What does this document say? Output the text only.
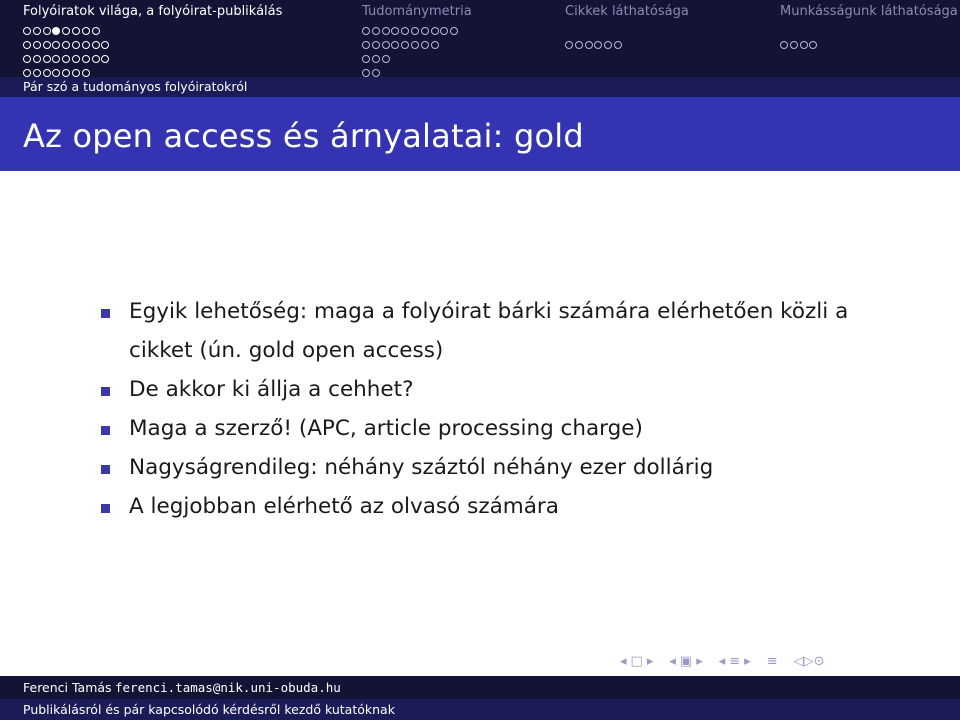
Folyóiratok világa, a folyóirat-publikálás	Tudománymetria	Cikkek láthatósága	Munkásságunk láthatósága
Pár szó a tudományos folyóiratokról
Az open access és árnyalatai: gold
Egyik lehetőség: maga a folyóirat bárki számára elérhetően közli a cikket (ún. gold open access)
De akkor ki állja a cehhet?
Maga a szerző! (APC, article processing charge)
Nagyságrendileg: néhány száztól néhány ezer dollárig
A legjobban elérhető az olvasó számára
◂ □ ▸ ◂ ▣ ▸ ◂ ≡ ▸ ≡ ◁▷⊙
Ferenci Tamás ferenci.tamas@nik.uni-obuda.hu
Publikálásról és pár kapcsolódó kérdésről kezdő kutatóknak
